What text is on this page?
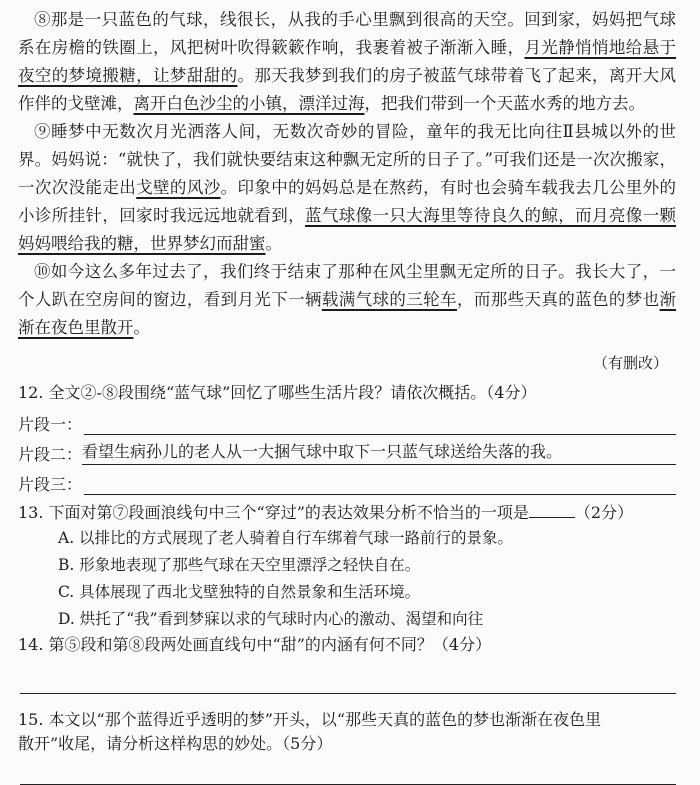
⑧那是一只蓝色的气球，线很长，从我的手心里飘到很高的天空。回到家，妈妈把气球系在房檐的铁圈上，风把树叶吹得簌簌作响，我裹着被子渐渐入睡，月光静悄悄地给悬于夜空的梦境搬糖，让梦甜甜的。那天我梦到我们的房子被蓝气球带着飞了起来，离开大风作伴的戈壁滩，离开白色沙尘的小镇，漂洋过海，把我们带到一个天蓝水秀的地方去。

⑨睡梦中无数次月光洒落人间，无数次奇妙的冒险，童年的我无比向往Ⅱ县城以外的世界。妈妈说：“就快了，我们就快要结束这种飘无定所的日子了。”可我们还是一次次搬家，一次次没能走出戈壁的风沙。印象中的妈妈总是在熬药，有时也会骑车载我去几公里外的小诊所挂针，回家时我远远地就看到，蓝气球像一只大海里等待良久的鲸，而月亮像一颗妈妈喂给我的糖，世界梦幻而甜蜜。

⑩如今这么多年过去了，我们终于结束了那种在风尘里飘无定所的日子。我长大了，一个人趴在空房间的窗边，看到月光下一辆载满气球的三轮车，而那些天真的蓝色的梦也渐渐在夜色里散开。

（有删改）

12. 全文②-⑧段围绕“蓝气球”回忆了哪些生活片段？请依次概括。（4分）

片段一：
片段二： 看望生病孙儿的老人从一大捆气球中取下一只蓝气球送给失落的我。
片段三：

13. 下面对第⑦段画浪线句中三个“穿过”的表达效果分析不恰当的一项是	（2分）

A. 以排比的方式展现了老人骑着自行车绑着气球一路前行的景象。

B. 形象地表现了那些气球在天空里漂浮之轻快自在。

C. 具体展现了西北戈壁独特的自然景象和生活环境。

D. 烘托了“我”看到梦寐以求的气球时内心的激动、渴望和向往

14. 第⑤段和第⑧段两处画直线句中“甜”的内涵有何不同？（4分）

15. 本文以“那个蓝得近乎透明的梦”开头，以“那些天真的蓝色的梦也渐渐在夜色里

散开”收尾，请分析这样构思的妙处。（5分）
